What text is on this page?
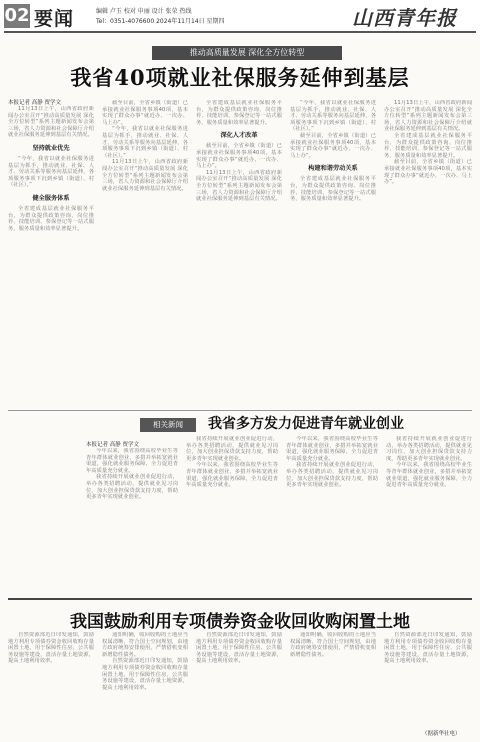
02 要闻	编辑 卢玉 校对 申丽 设计 张荣 热线
Tel：0351-4076600 2024年11月14日 星期四	山西青年报
推动高质量发展 深化全方位转型
我省40项就业社保服务延伸到基层
本报记者 高静 贾学文

11月13日上午，山西省政府新闻办公室召开“推动高质量发展 深化全方位转型”系列主题新闻发布会第三场，省人力资源和社会保障厅介绍就业社保服务延伸到基层有关情况。

坚持就业优先

“今年，我省以就业社保服务进基层为抓手，推动就业、社保、人才、劳动关系等服务向基层延伸，各项服务事项下沉到乡镇（街道）、村（社区）。”

健全服务体系

全省建成基层就业社保服务平台，为群众提供政策咨询、岗位推荐、技能培训、参保登记等一站式服务，服务质量和效率显著提升。

截至目前，全省乡镇（街道）已承接就业社保服务事项40项，基本实现了群众办事“就近办、一次办、马上办”。

“今年，我省以就业社保服务进基层为抓手，推动就业、社保、人才、劳动关系等服务向基层延伸，各项服务事项下沉到乡镇（街道）、村（社区）。”

11月13日上午，山西省政府新闻办公室召开“推动高质量发展 深化全方位转型”系列主题新闻发布会第三场，省人力资源和社会保障厅介绍就业社保服务延伸到基层有关情况。

全省建成基层就业社保服务平台，为群众提供政策咨询、岗位推荐、技能培训、参保登记等一站式服务，服务质量和效率显著提升。

深化人才改革

截至目前，全省乡镇（街道）已承接就业社保服务事项40项，基本实现了群众办事“就近办、一次办、马上办”。

11月13日上午，山西省政府新闻办公室召开“推动高质量发展 深化全方位转型”系列主题新闻发布会第三场，省人力资源和社会保障厅介绍就业社保服务延伸到基层有关情况。

“今年，我省以就业社保服务进基层为抓手，推动就业、社保、人才、劳动关系等服务向基层延伸，各项服务事项下沉到乡镇（街道）、村（社区）。”

截至目前，全省乡镇（街道）已承接就业社保服务事项40项，基本实现了群众办事“就近办、一次办、马上办”。

构建和谐劳动关系

全省建成基层就业社保服务平台，为群众提供政策咨询、岗位推荐、技能培训、参保登记等一站式服务，服务质量和效率显著提升。

11月13日上午，山西省政府新闻办公室召开“推动高质量发展 深化全方位转型”系列主题新闻发布会第三场，省人力资源和社会保障厅介绍就业社保服务延伸到基层有关情况。

全省建成基层就业社保服务平台，为群众提供政策咨询、岗位推荐、技能培训、参保登记等一站式服务，服务质量和效率显著提升。

截至目前，全省乡镇（街道）已承接就业社保服务事项40项，基本实现了群众办事“就近办、一次办、马上办”。

相关新闻	我省多方发力促进青年就业创业
本报记者 高静 贾学文

今年以来，我省围绕高校毕业生等青年群体就业创业，多措并举拓宽就业渠道，强化就业服务保障，全力促进青年高质量充分就业。

我省持续开展就业创业促进行动，举办各类招聘活动，提供就业见习岗位，加大创业担保贷款支持力度，帮助更多青年实现就业创业。

我省持续开展就业创业促进行动，举办各类招聘活动，提供就业见习岗位，加大创业担保贷款支持力度，帮助更多青年实现就业创业。

今年以来，我省围绕高校毕业生等青年群体就业创业，多措并举拓宽就业渠道，强化就业服务保障，全力促进青年高质量充分就业。

今年以来，我省围绕高校毕业生等青年群体就业创业，多措并举拓宽就业渠道，强化就业服务保障，全力促进青年高质量充分就业。

我省持续开展就业创业促进行动，举办各类招聘活动，提供就业见习岗位，加大创业担保贷款支持力度，帮助更多青年实现就业创业。

我省持续开展就业创业促进行动，举办各类招聘活动，提供就业见习岗位，加大创业担保贷款支持力度，帮助更多青年实现就业创业。

今年以来，我省围绕高校毕业生等青年群体就业创业，多措并举拓宽就业渠道，强化就业服务保障，全力促进青年高质量充分就业。

我国鼓励利用专项债券资金收回收购闲置土地

自然资源部近日印发通知，鼓励地方利用专项债券资金收回收购存量闲置土地，用于保障性住房、公共服务设施等建设，盘活存量土地资源，提高土地利用效率。

通知明确，收回收购的土地应当权属清晰、符合国土空间规划，由地方政府统筹安排使用，严禁借机变相新增隐性债务。

自然资源部近日印发通知，鼓励地方利用专项债券资金收回收购存量闲置土地，用于保障性住房、公共服务设施等建设，盘活存量土地资源，提高土地利用效率。

自然资源部近日印发通知，鼓励地方利用专项债券资金收回收购存量闲置土地，用于保障性住房、公共服务设施等建设，盘活存量土地资源，提高土地利用效率。

通知明确，收回收购的土地应当权属清晰、符合国土空间规划，由地方政府统筹安排使用，严禁借机变相新增隐性债务。

自然资源部近日印发通知，鼓励地方利用专项债券资金收回收购存量闲置土地，用于保障性住房、公共服务设施等建设，盘活存量土地资源，提高土地利用效率。

（据新华社电）
